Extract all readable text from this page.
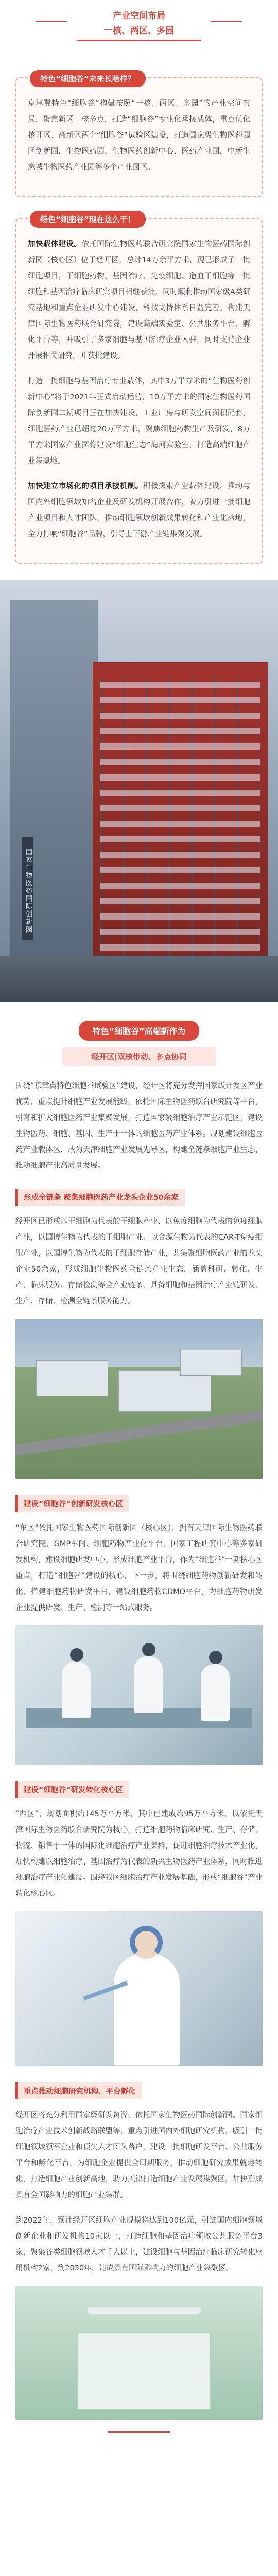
产业空间布局
一核、两区、多园
特色“细胞谷”未来长啥样？

京津冀特色“细胞谷”构建按照“一核、两区、多园”的产业空间布局，聚焦新区一核多点，打造“细胞谷”专业化承接载体，重点优化核开区、高新区两个“细胞谷”试验区建设，打造国家级生物医药园区创新园，生物医药园，生物医药创新中心、医药产业园，中新生态城生物医药产业园等多个产业园区。

特色“细胞谷”现在这么干！

加快载体建设。依托国际生物医药联合研究院国家生物医药国际创新园（核心区）位于经开区，总计14万余平方米，现已形成了一批细胞项目，干细胞药物、基因治疗、免疫细胞、造血干细胞等一批细胞和基因治疗临床研究项目相继获批，同时顺利推动国家级A类研究基地和重点企业研发中心建设，科技支持体系日益完善。构建天津国际生物医药联合研究院，建设高端实验室、公共服务平台、孵化平台等，并吸引了多家细胞与基因治疗企业入驻，同时支持企业开展相关研究，并获批建设。

打造一批细胞与基因治疗专业载体，其中3万平方米的“生物医药创新中心”将于2021年正式启动运营，10万平方米的国家生物医药国际创新园二期项目正在加快建设，工业厂房与研发空间面积配套，细胞医药产业已超过20万平方米，聚焦细胞药物生产及研发，8万平方米国家产业园将建设“细胞生态”海河实验室，打造高端细胞产业集聚地。

加快建立市场化的项目承接机制。积极探索产业载体建设，推动与国内外细胞领域知名企业及研发机构开展合作，着力引进一批细胞产业项目和人才团队，推动细胞领域创新成果转化和产业化落地，全力打响“细胞谷”品牌，引导上下游产业链集聚发展。

国家生物医药国际创新园
特色“细胞谷”高端新作为
经开区|双核带动、多点协同

围绕“京津冀特色细胞谷试验区”建设，经开区将充分发挥国家级开发区产业优势，重点提升细胞产业发展能级，依托国际生物医药联合研究院等平台，引育和扩大细胞医药产业集聚发展，打造国家级细胞治疗产业示范区，建设生物医药、细胞、基因、生产于一体的细胞医药产业体系。规划建设细胞医药产业载体区，成为天津细胞产业发展先导区，构建全链条细胞产业生态，推动细胞产业高质量发展。

形成全链条 聚集细胞医药产业龙头企业50余家

经开区已形成以干细胞为代表的干细胞产业、以免疫细胞为代表的免疫细胞产业，以国博生物为代表的干细胞产业、以合源生物为代表的CAR-T免疫细胞产业，以国博生物为代表的干细胞存储产业，共集聚细胞医药产业的龙头企业50余家，形成细胞生物医药全链条产业生态，涵盖科研、转化、生产、临床服务、存储检测等全产业链条，具备细胞和基因治疗产业链研发、生产、存储、检测全链条服务能力。

建设“细胞谷”创新研发核心区

“东区”依托国家生物医药国际创新园（核心区），拥有天津国际生物医药联合研究院、GMP车间、细胞药物产业化平台、国家工程研究中心等多家研发机构，建设细胞研发中心。形成细胞产业平台，作为“细胞谷”一期核心区重点，打造“细胞谷”建设的核心，下一步，将围绕细胞药物创新研发和转化，搭建细胞药物研发平台，建设细胞药物CDMO平台，为细胞药物研发企业提供研发、生产、检测等一站式服务。

建设“细胞谷”研发转化核心区

“西区”，规划面积约145万平方米，其中已建成约95万平方米，以依托天津国际生物医药联合研究院为核心，打造细胞药物临床研究、生产、存储、物流、销售于一体的国际化细胞治疗产业集群，促进细胞治疗技术产业化，加快构建以细胞治疗、基因治疗为代表的新兴生物医药产业体系，同时推进细胞治疗产业化建设。围绕我区细胞治疗产业发展基础，形成“细胞谷”产业转化核心区。

重点推动细胞研究机构、平台孵化

经开区将充分利用国家级研发资源，依托国家生物医药国际创新园、国家细胞治疗产业技术创新战略联盟等，重点引进国内外细胞研究机构，吸引一批细胞领域领军企业和顶尖人才团队落户，建设一批细胞研发平台、公共服务平台和孵化平台，为细胞企业提供全周期服务，推动细胞研究成果就地转化，打造细胞产业创新高地，助力天津打造细胞产业发展集聚区，加快形成具有全国影响力的细胞产业集群。

到2022年，预计经开区细胞产业规模将达到100亿元，引进国内细胞领域创新企业和研发机构10家以上，打造细胞和基因治疗领域公共服务平台3家，聚集各类细胞领域人才千人以上，建设细胞与基因治疗临床研究转化应用机构2家，到2030年，建成具有国际影响力的细胞产业集聚区。
